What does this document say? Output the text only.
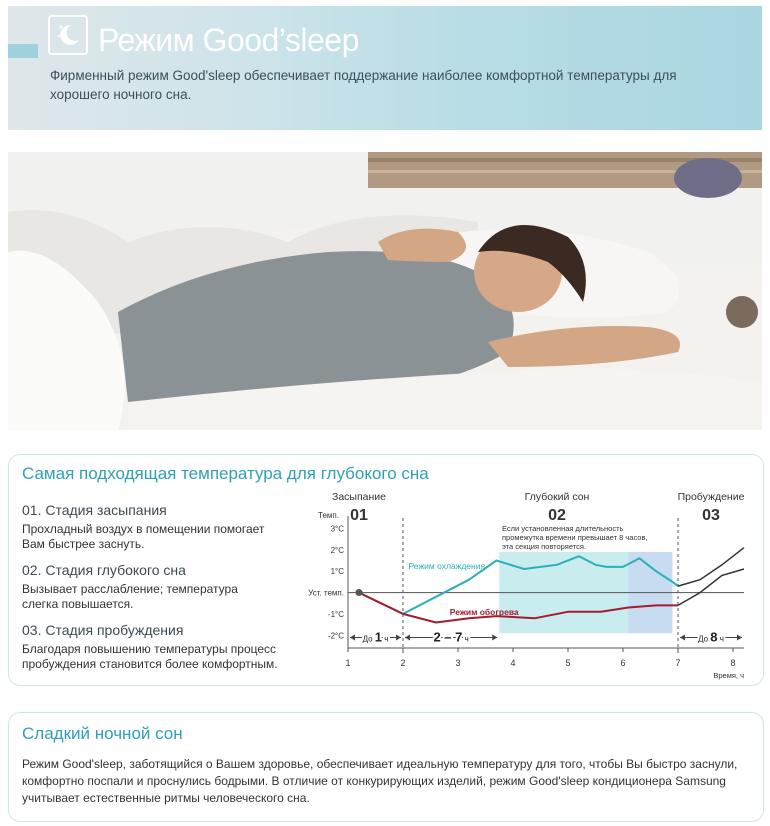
Режим Good’sleep
Фирменный режим Good'sleep обеспечивает поддержание наиболее комфортной температуры для хорошего ночного сна.
Самая подходящая температура для глубокого сна
01. Стадия засыпания
Прохладный воздух в помещении помогает
Вам быстрее заснуть.
02. Стадия глубокого сна
Вызывает расслабление; температура
слегка повышается.
03. Стадия пробуждения
Благодаря повышению температуры процесс
пробуждения становится более комфортным.
Темп.
3°C
2°C
1°C
Уст. темп.
-1°C
-2°C
1	2	3	4	5	6	7	8
Время, ч
Засыпание
01
Глубокий сон
02
Пробуждение
03
Если установленная длительность
промежутка времени превышает 8 часов,
эта секция повторяется.
Режим охлаждения
Режим обогрева
До 1 ч	2 – 7 ч	До 8 ч
Сладкий ночной сон
Режим Good'sleep, заботящийся о Вашем здоровье, обеспечивает идеальную температуру для того, чтобы Вы быстро заснули,
комфортно поспали и проснулись бодрыми. В отличие от конкурирующих изделий, режим Good'sleep кондиционера Samsung
учитывает естественные ритмы человеческого сна.
